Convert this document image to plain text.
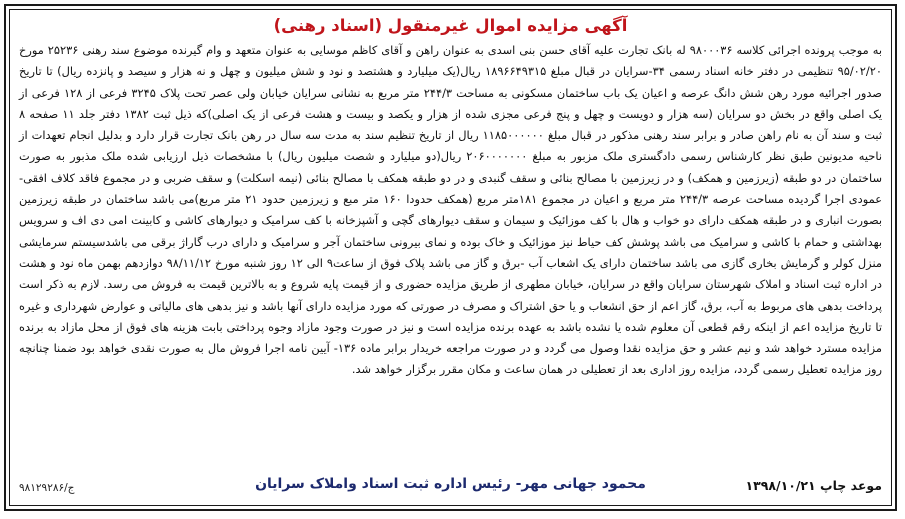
آگهی مزایده اموال غیرمنقول (اسناد رهنی)

به موجب پرونده اجرائی کلاسه ۹۸۰۰۰۳۶ له بانک تجارت علیه آقای حسن بنی اسدی به عنوان راهن و آقای کاظم موسایی به عنوان متعهد و وام گیرنده موضوع سند رهنی ۲۵۲۳۶ مورخ ۹۵/۰۲/۲۰ تنظیمی در دفتر خانه اسناد رسمی ۳۴-سرایان در قبال مبلغ ۱۸۹۶۶۴۹۳۱۵ ریال(یک میلیارد و هشتصد و نود و شش میلیون و چهل و نه هزار و سیصد و پانزده ریال) تا تاریخ صدور اجرائیه مورد رهن شش دانگ عرصه و اعیان یک باب ساختمان مسکونی به مساحت ۲۴۴/۳ متر مربع به نشانی سرایان خیابان ولی عصر تحت پلاک ۳۲۴۵ فرعی از ۱۲۸ فرعی از یک اصلی واقع در بخش دو سرایان (سه هزار و دویست و چهل و پنج فرعی مجزی شده از هزار و یکصد و بیست و هشت فرعی از یک اصلی)که ذیل ثبت ۱۳۸۲ دفتر جلد ۱۱ صفحه ۸ ثبت و سند آن به نام راهن صادر و برابر سند رهنی مذکور در قبال مبلغ ۱۱۸۵۰۰۰۰۰۰ ریال از تاریخ تنظیم سند به مدت سه سال در رهن بانک تجارت قرار دارد و بدلیل انجام تعهدات از ناحیه مدیونین طبق نظر کارشناس رسمی دادگستری ملک مزبور به مبلغ ۲۰۶۰۰۰۰۰۰۰ ریال(دو میلیارد و شصت میلیون ریال) با مشخصات ذیل ارزیابی شده ملک مذبور به صورت ساختمان در دو طبقه (زیرزمین و همکف) و در زیرزمین با مصالح بنائی و سقف گنبدی و در دو طبقه همکف با مصالح بنائی (نیمه اسکلت) و سقف ضربی و در مجموع فاقد کلاف افقی-عمودی اجرا گردیده مساحت عرصه ۲۴۴/۳ متر مربع و اعیان در مجموع ۱۸۱متر مربع (همکف حدودا ۱۶۰ متر مبع و زیرزمین حدود ۲۱ متر مربع)می باشد ساختمان در طبقه زیرزمین بصورت انباری و در طبقه همکف دارای دو خواب و هال با کف موزائیک و سیمان و سقف دیوارهای گچی و آشپزخانه با کف سرامیک و دیوارهای کاشی و کابینت امی دی اف و سرویس بهداشتی و حمام با کاشی و سرامیک می باشد پوشش کف حیاط نیز موزائیک و خاک بوده و نمای بیرونی ساختمان آجر و سرامیک و دارای درب گاراژ برقی می باشدسیستم سرمایشی منزل کولر و گرمایش بخاری گازی می باشد ساختمان دارای یک اشعاب آب -برق و گاز می باشد پلاک فوق از ساعت۹ الی ۱۲ روز شنبه مورخ ۹۸/۱۱/۱۲ دوازدهم بهمن ماه نود و هشت در اداره ثبت اسناد و املاک شهرستان سرایان واقع در سرایان، خیابان مطهری از طریق مزایده حضوری و از قیمت پایه شروع و به بالاترین قیمت به فروش می رسد. لازم به ذکر است پرداخت بدهی های مربوط به آب، برق، گاز اعم از حق انشعاب و یا حق اشتراک و مصرف در صورتی که مورد مزایده دارای آنها باشد و نیز بدهی های مالیاتی و عوارض شهرداری و غیره تا تاریخ مزایده اعم از اینکه رقم قطعی آن معلوم شده یا نشده باشد به عهده برنده مزایده است و نیز در صورت وجود مازاد وجوه پرداختی بابت هزینه های فوق از محل مازاد به برنده مزایده مسترد خواهد شد و نیم عشر و حق مزایده نقدا وصول می گردد و در صورت مراجعه خریدار برابر ماده ۱۳۶- آیین نامه اجرا فروش مال به صورت نقدی خواهد بود ضمنا چنانچه روز مزایده تعطیل رسمی گردد، مزایده روز اداری بعد از تعطیلی در همان ساعت و مکان مقرر برگزار خواهد شد.

موعد چاپ ۱۳۹۸/۱۰/۲۱
محمود جهانی مهر- رئیس اداره ثبت اسناد واملاک سرایان
ج/۹۸۱۲۹۲۸۶
